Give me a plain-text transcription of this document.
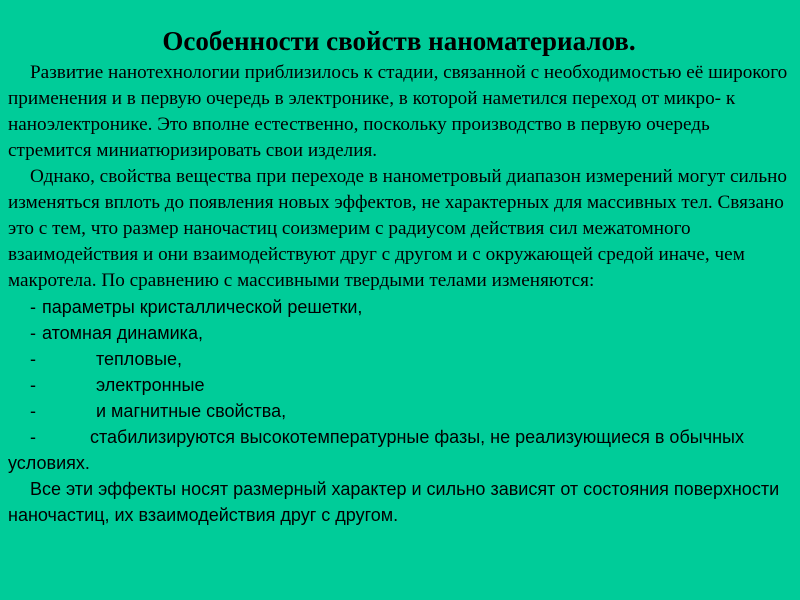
Особенности свойств наноматериалов.

Развитие нанотехнологии приблизилось к стадии, связанной с необходимостью её широкого применения и в первую очередь в электронике, в которой наметился переход от микро- к наноэлектронике. Это вполне естественно, поскольку производство в первую очередь стремится миниатюризировать свои изделия.

Однако, свойства вещества при переходе в нанометровый диапазон измерений могут сильно изменяться вплоть до появления новых эффектов, не характерных для массивных тел. Связано это с тем, что размер наночастиц соизмерим с радиусом действия сил межатомного взаимодействия и они взаимодействуют друг с другом и с окружающей средой иначе, чем макротела. По сравнению с массивными твердыми телами изменяются:

- параметры кристаллической решетки,

- атомная динамика,

-	тепловые,

-	электронные

-	и магнитные свойства,

-	стабилизируются высокотемпературные фазы, не реализующиеся в обычных условиях.

Все эти эффекты носят размерный характер и сильно зависят от состояния поверхности наночастиц, их взаимодействия друг с другом.
